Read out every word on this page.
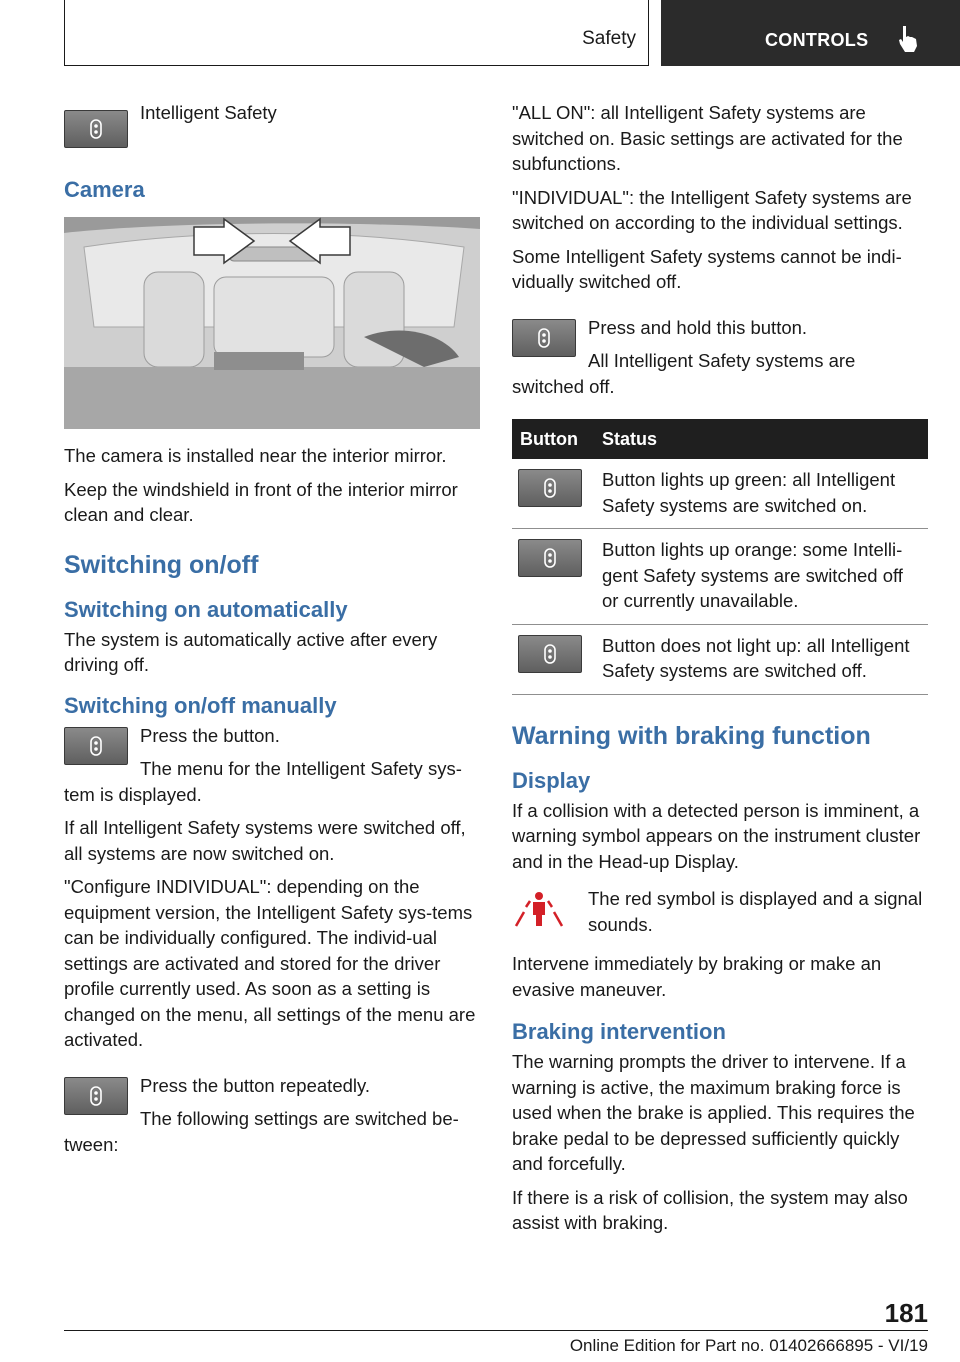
Safety	CONTROLS

Intelligent Safety

Camera

The camera is installed near the interior mirror.

Keep the windshield in front of the interior mirror clean and clear.

Switching on/off
Switching on automatically

The system is automatically active after every driving off.

Switching on/off manually

Press the button.

The menu for the Intelligent Safety sys-tem is displayed.

If all Intelligent Safety systems were switched off, all systems are now switched on.

"Configure INDIVIDUAL": depending on the equipment version, the Intelligent Safety sys-tems can be individually configured. The individ-ual settings are activated and stored for the driver profile currently used. As soon as a setting is changed on the menu, all settings of the menu are activated.

Press the button repeatedly.

The following settings are switched be-tween:

"ALL ON": all Intelligent Safety systems are switched on. Basic settings are activated for the subfunctions.

"INDIVIDUAL": the Intelligent Safety systems are switched on according to the individual settings.

Some Intelligent Safety systems cannot be indi-vidually switched off.

Press and hold this button.

All Intelligent Safety systems are switched off.

Button	Status

	Button lights up green: all Intelligent Safety systems are switched on.

	Button lights up orange: some Intelli-gent Safety systems are switched off or currently unavailable.

	Button does not light up: all Intelligent Safety systems are switched off.
Warning with braking function
Display

If a collision with a detected person is imminent, a warning symbol appears on the instrument cluster and in the Head-up Display.

The red symbol is displayed and a signal sounds.

Intervene immediately by braking or make an evasive maneuver.

Braking intervention

The warning prompts the driver to intervene. If a warning is active, the maximum braking force is used when the brake is applied. This requires the brake pedal to be depressed sufficiently quickly and forcefully.

If there is a risk of collision, the system may also assist with braking.

181
Online Edition for Part no. 01402666895 - VI/19
